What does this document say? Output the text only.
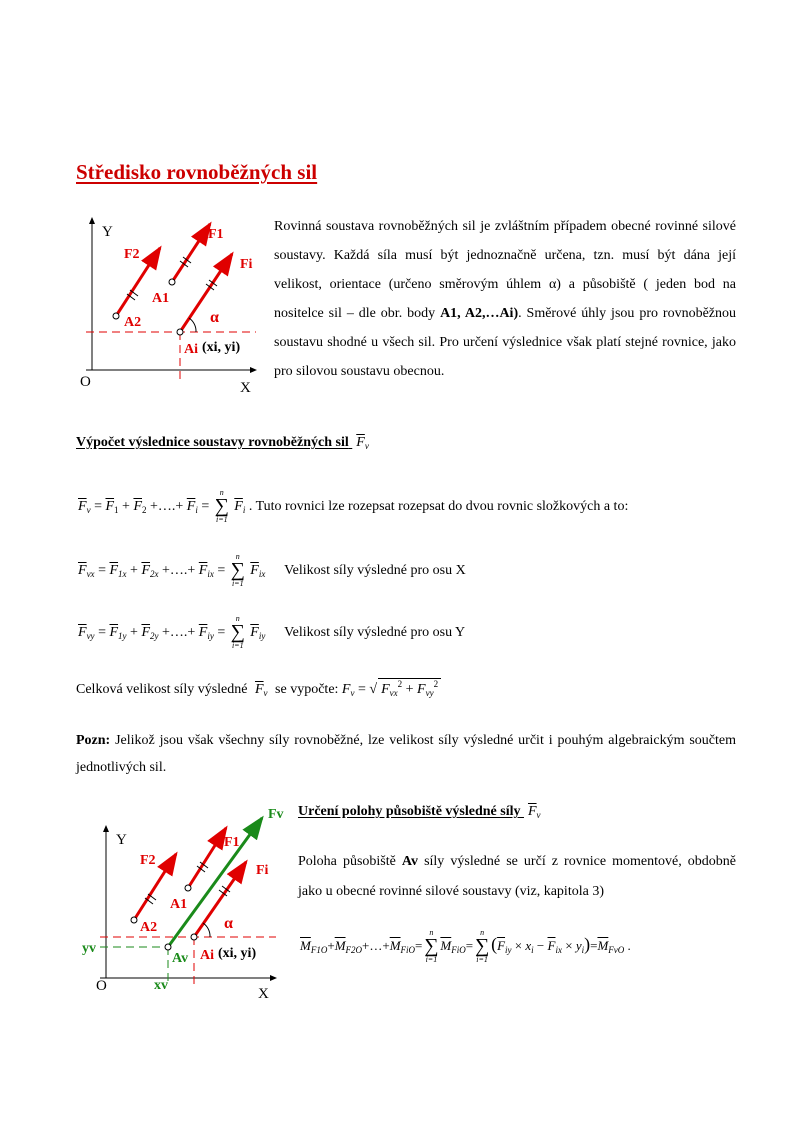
Středisko rovnoběžných sil
Y
X
O
F2
F1
Fi
A1
A2
Ai (xi, yi)
α
Rovinná soustava rovnoběžných sil je zvláštním případem obecné rovinné silové soustavy. Každá síla musí být jednoznačně určena, tzn. musí být dána její velikost, orientace (určeno směrovým úhlem α) a působiště ( jeden bod na nositelce sil – dle obr. body A1, A2,…Ai). Směrové úhly jsou pro rovnoběžnou soustavu shodné u všech sil. Pro určení výslednice však platí stejné rovnice, jako pro silovou soustavu obecnou.
Výpočet výslednice soustavy rovnoběžných sil $F_v$
$\overline{F}_v = \overline{F}_1 + \overline{F}_2$ +….+ $\overline{F}_i$ =
n
∑
i=1
$\overline{F}_i$ . Tuto rovnici lze rozepsat rozepsat do dvou rovnic složkových a to:
$\overline{F}_{vx} = \overline{F}_{1x} + \overline{F}_{2x}$ +….+ $\overline{F}_{ix}$ =
n
∑
i=1
$\overline{F}_{ix}$ Velikost síly výsledné pro osu X
$\overline{F}_{vy} = \overline{F}_{1y} + \overline{F}_{2y}$ +….+ $\overline{F}_{iy}$ =
n
∑
i=1
$\overline{F}_{iy}$ Velikost síly výsledné pro osu Y
Celková velikost síly výsledné $\overline{F}_v$ se vypočte: $F_v$ = √ $F_{vx}^2 + F_{vy}^2$
Pozn: Jelikož jsou však všechny síly rovnoběžné, lze velikost síly výsledné určit i pouhým algebraickým součtem jednotlivých sil.
Y
X
O
Fv
F2
F1
Fi
A1
A2
Av Ai (xi, yi)
yv
xv
α
Určení polohy působiště výsledné síly $F_v$
Poloha působiště Av síly výsledné se určí z rovnice momentové, obdobně jako u obecné rovinné silové soustavy (viz, kapitola 3)
$\overline{M}_{F1O}+\overline{M}_{F2O}+\dots+\overline{M}_{FiO}=$
n
∑
i=1
$\overline{M}_{FiO}=$
n
∑
i=1
$(\overline{F}_{iy} \times x_i - \overline{F}_{ix} \times y_i)=\overline{M}_{FvO}$ .
